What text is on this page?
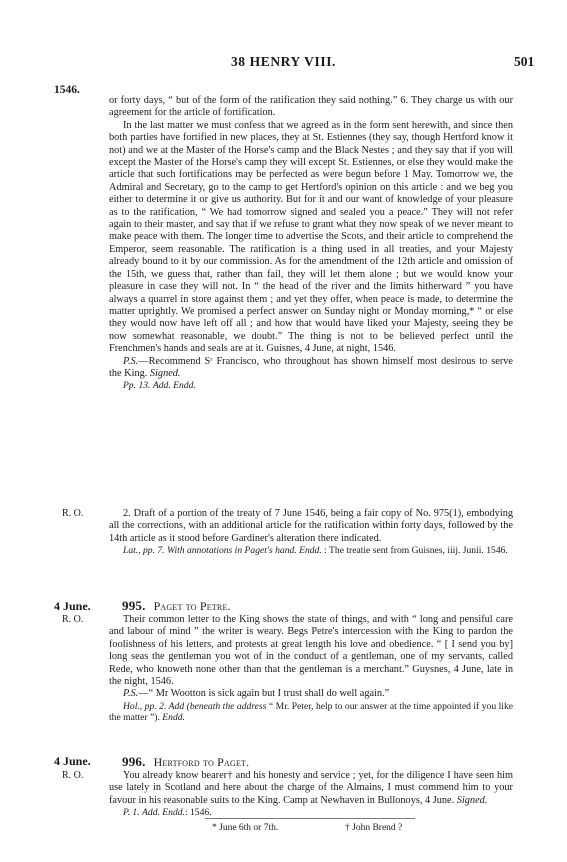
38 HENRY VIII.	501
1546.
R. O.
4 June.
R. O.
4 June.
R. O.

or forty days, “ but of the form of the ratification they said nothing.” 6. They charge us with our agreement for the article of fortification.

In the last matter we must confess that we agreed as in the form sent herewith, and since then both parties have fortified in new places, they at St. Estiennes (they say, though Hertford know it not) and we at the Master of the Horse's camp and the Black Nestes ; and they say that if you will except the Master of the Horse's camp they will except St. Estiennes, or else they would make the article that such fortifications may be perfected as were begun before 1 May. Tomorrow we, the Admiral and Secretary, go to the camp to get Hertford's opinion on this article : and we beg you either to determine it or give us authority. But for it and our want of knowledge of your pleasure as to the ratification, “ We had tomorrow signed and sealed you a peace.” They will not refer again to their master, and say that if we refuse to grant what they now speak of we never meant to make peace with them. The longer time to advertise the Scots, and their article to comprehend the Emperor, seem reasonable. The ratification is a thing used in all treaties, and your Majesty already bound to it by our commission. As for the amendment of the 12th article and omission of the 15th, we guess that, rather than fail, they will let them alone ; but we would know your pleasure in case they will not. In “ the head of the river and the limits hitherward ” you have always a quarrel in store against them ; and yet they offer, when peace is made, to determine the matter uprightly. We promised a perfect answer on Sunday night or Monday morning,* “ or else they would now have left off all ; and how that would have liked your Majesty, seeing they be now somewhat reasonable, we doubt.” The thing is not to be believed perfect until the Frenchmen's hands and seals are at it. Guisnes, 4 June, at night, 1546.

P.S.—Recommend Sʳ Francisco, who throughout has shown himself most desirous to serve the King. Signed.

Pp. 13. Add. Endd.

2. Draft of a portion of the treaty of 7 June 1546, being a fair copy of No. 975(1), embodying all the corrections, with an additional article for the ratification within forty days, followed by the 14th article as it stood before Gardiner's alteration there indicated.

Lat., pp. 7. With annotations in Paget's hand. Endd. : The treatie sent from Guisnes, iiij. Junii. 1546.

995. Paget to Petre.

Their common letter to the King shows the state of things, and with “ long and pensiful care and labour of mind ” the writer is weary. Begs Petre's intercession with the King to pardon the foolishness of his letters, and protests at great length his love and obedience. “ [ I send you by] long seas the gentleman you wot of in the conduct of a gentleman, one of my servants, called Rede, who knoweth none other than that the gentleman is a merchant.” Guysnes, 4 June, late in the night, 1546.

P.S.—“ Mr Wootton is sick again but I trust shall do well again.”

Hol., pp. 2. Add (beneath the address “ Mr. Peter, help to our answer at the time appointed if you like the matter ”). Endd.

996. Hertford to Paget.

You already know bearer† and his honesty and service ; yet, for the diligence I have seen him use lately in Scotland and here about the charge of the Almains, I must commend him to your favour in his reasonable suits to the King. Camp at Newhaven in Bullonoys, 4 June. Signed.

P. 1. Add. Endd.: 1546.

* June 6th or 7th.	† John Brend ?
